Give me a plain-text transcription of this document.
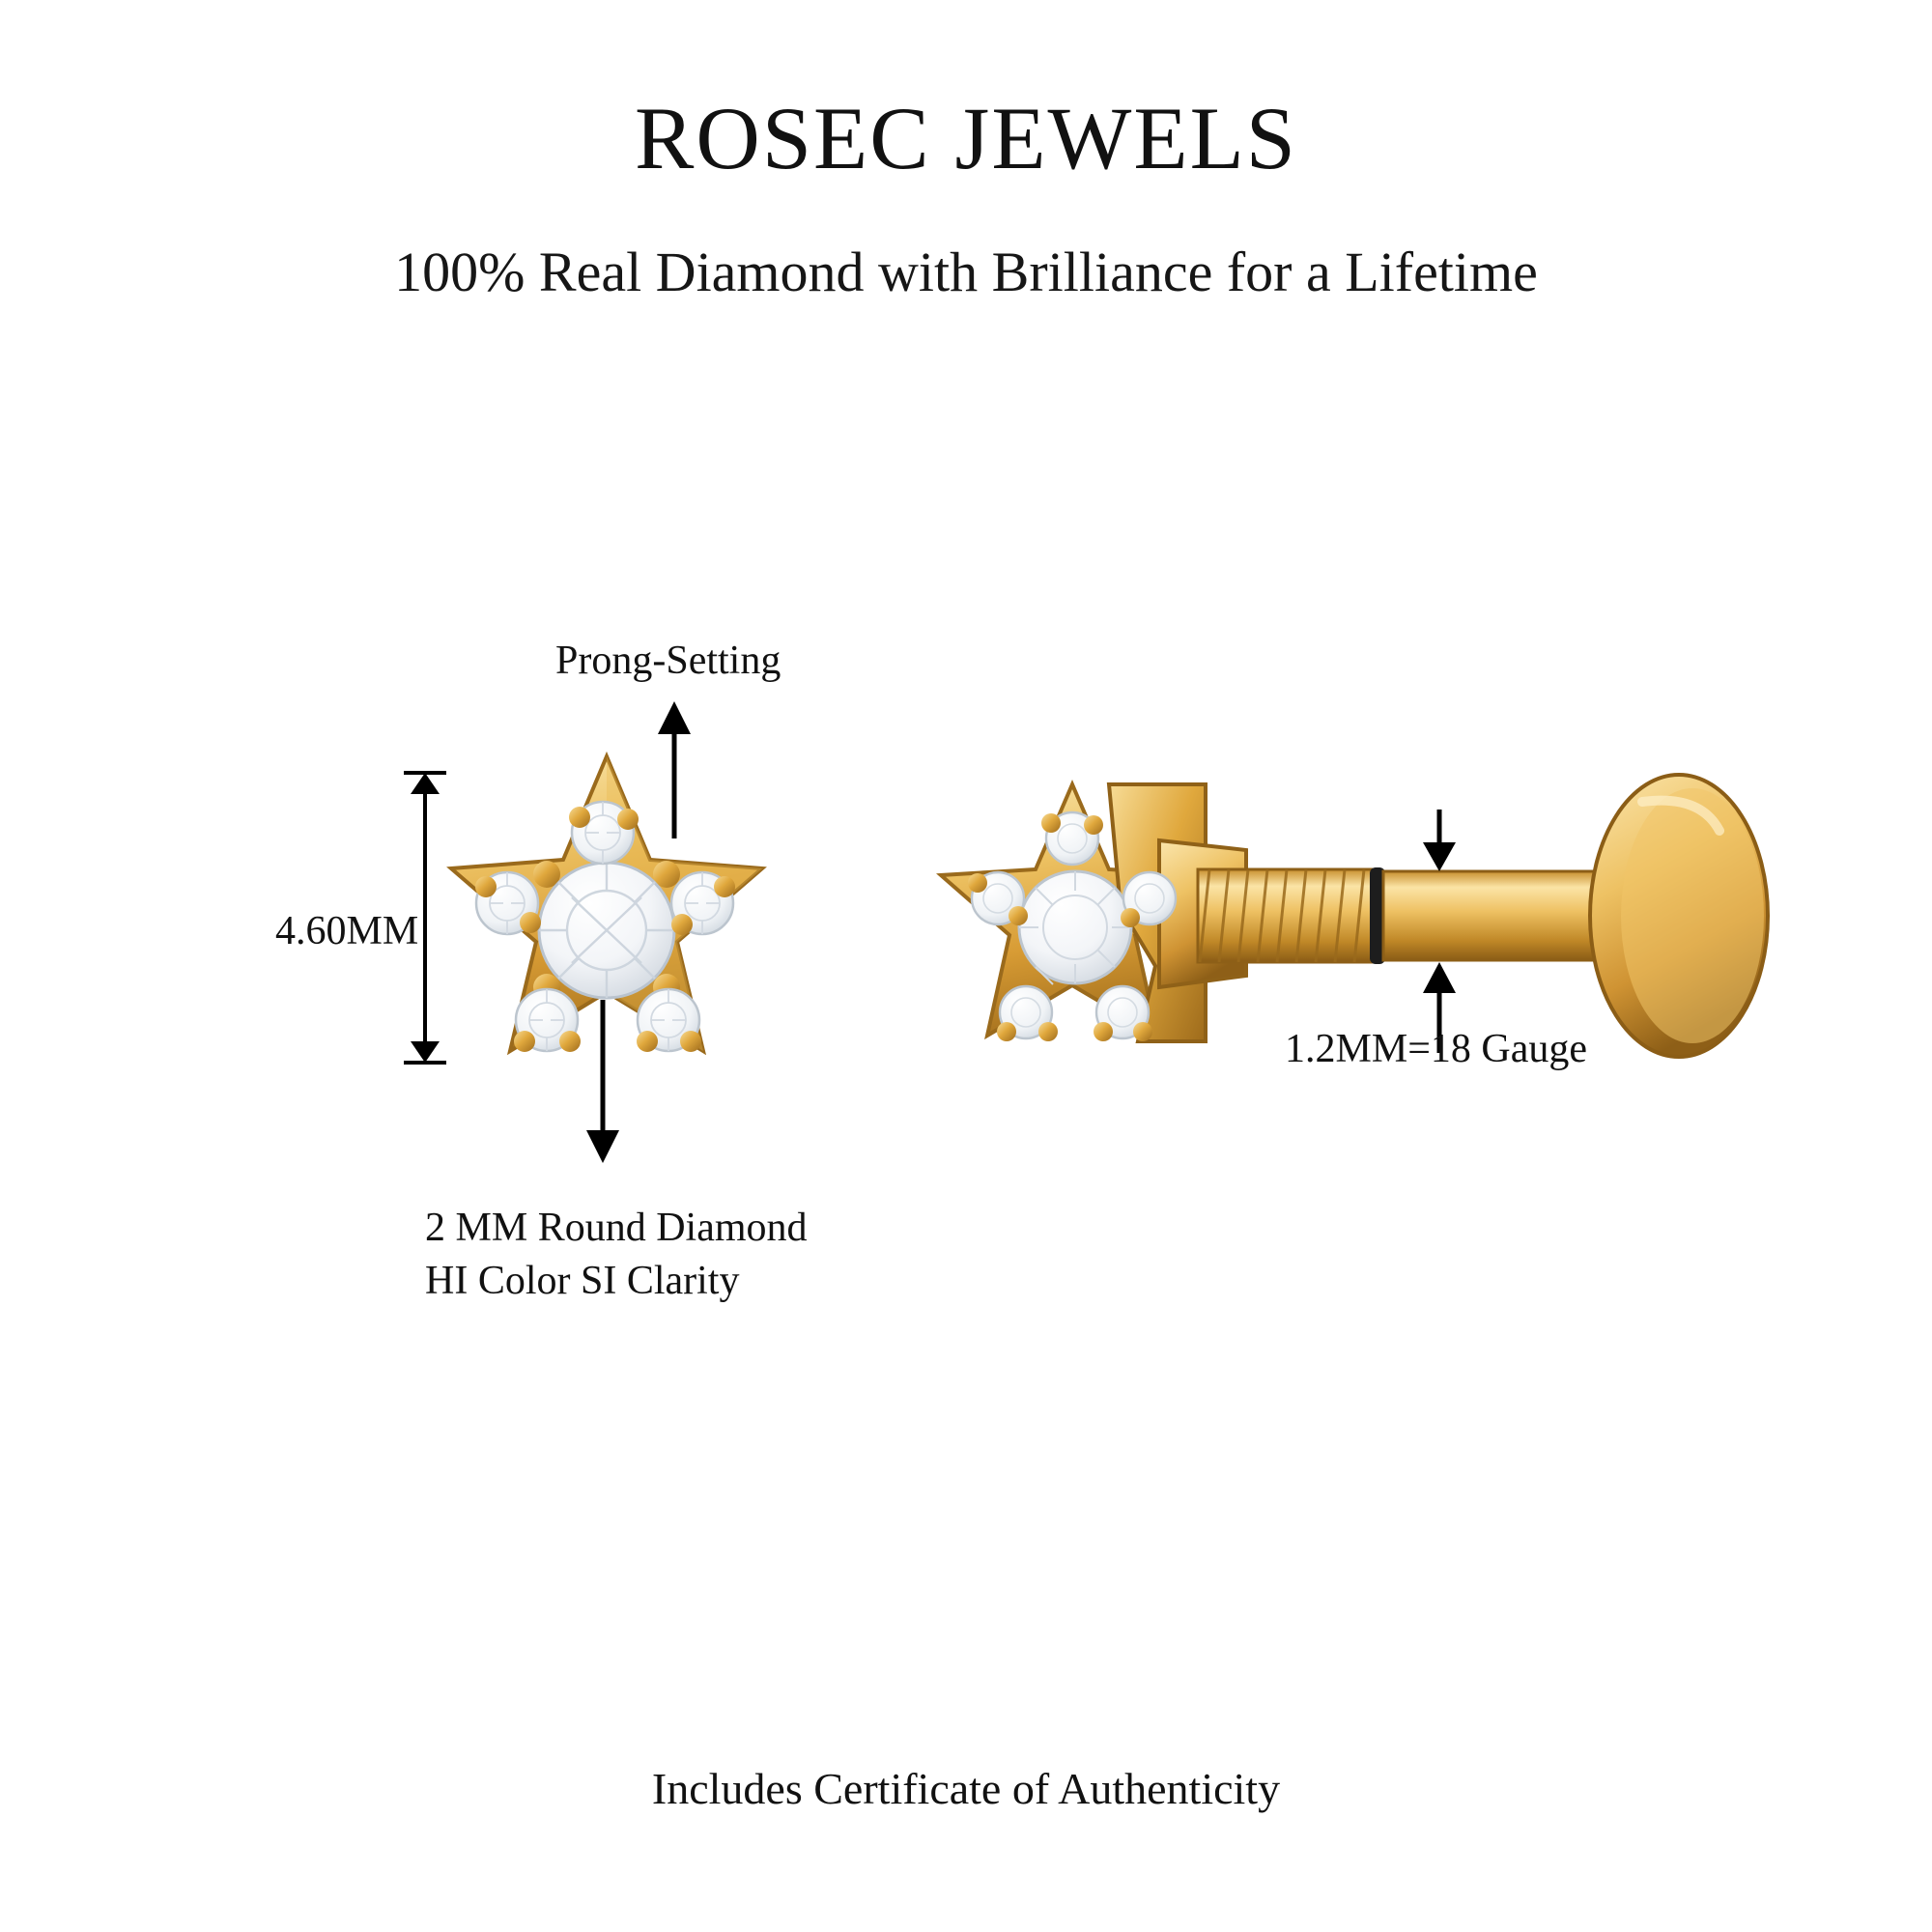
ROSEC JEWELS
100% Real Diamond with Brilliance for a Lifetime
Prong-Setting
4.60MM
2 MM Round Diamond
HI Color SI Clarity
1.2MM=18 Gauge
Includes Certificate of Authenticity
